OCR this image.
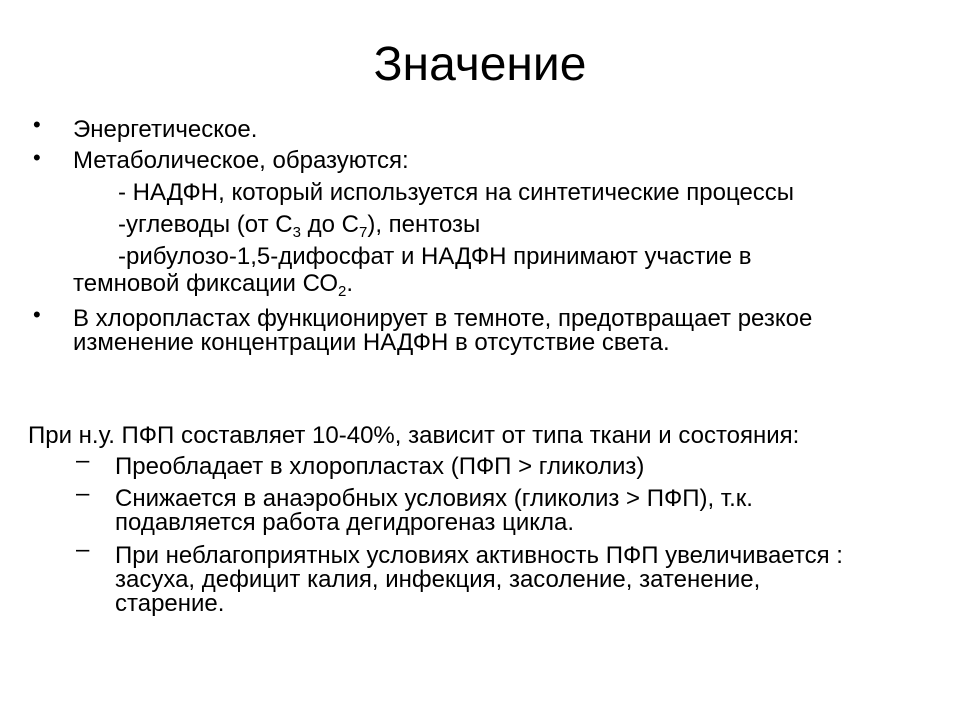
Значение
• Энергетическое.
• Метаболическое, образуются:
- НАДФН, который используется на синтетические процессы
-углеводы (от $С_3$ до $С_7$), пентозы
-рибулозо-1,5-дифосфат и НАДФН принимают участие в
темновой фиксации $СО_2$.
• В хлоропластах функционирует в темноте, предотвращает резкое
изменение концентрации НАДФН в отсутствие света.
При н.у. ПФП составляет 10-40%, зависит от типа ткани и состояния:
– Преобладает в хлоропластах (ПФП > гликолиз)
– Снижается в анаэробных условиях (гликолиз > ПФП), т.к.
подавляется работа дегидрогеназ цикла.
– При неблагоприятных условиях активность ПФП увеличивается :
засуха, дефицит калия, инфекция, засоление, затенение,
старение.
